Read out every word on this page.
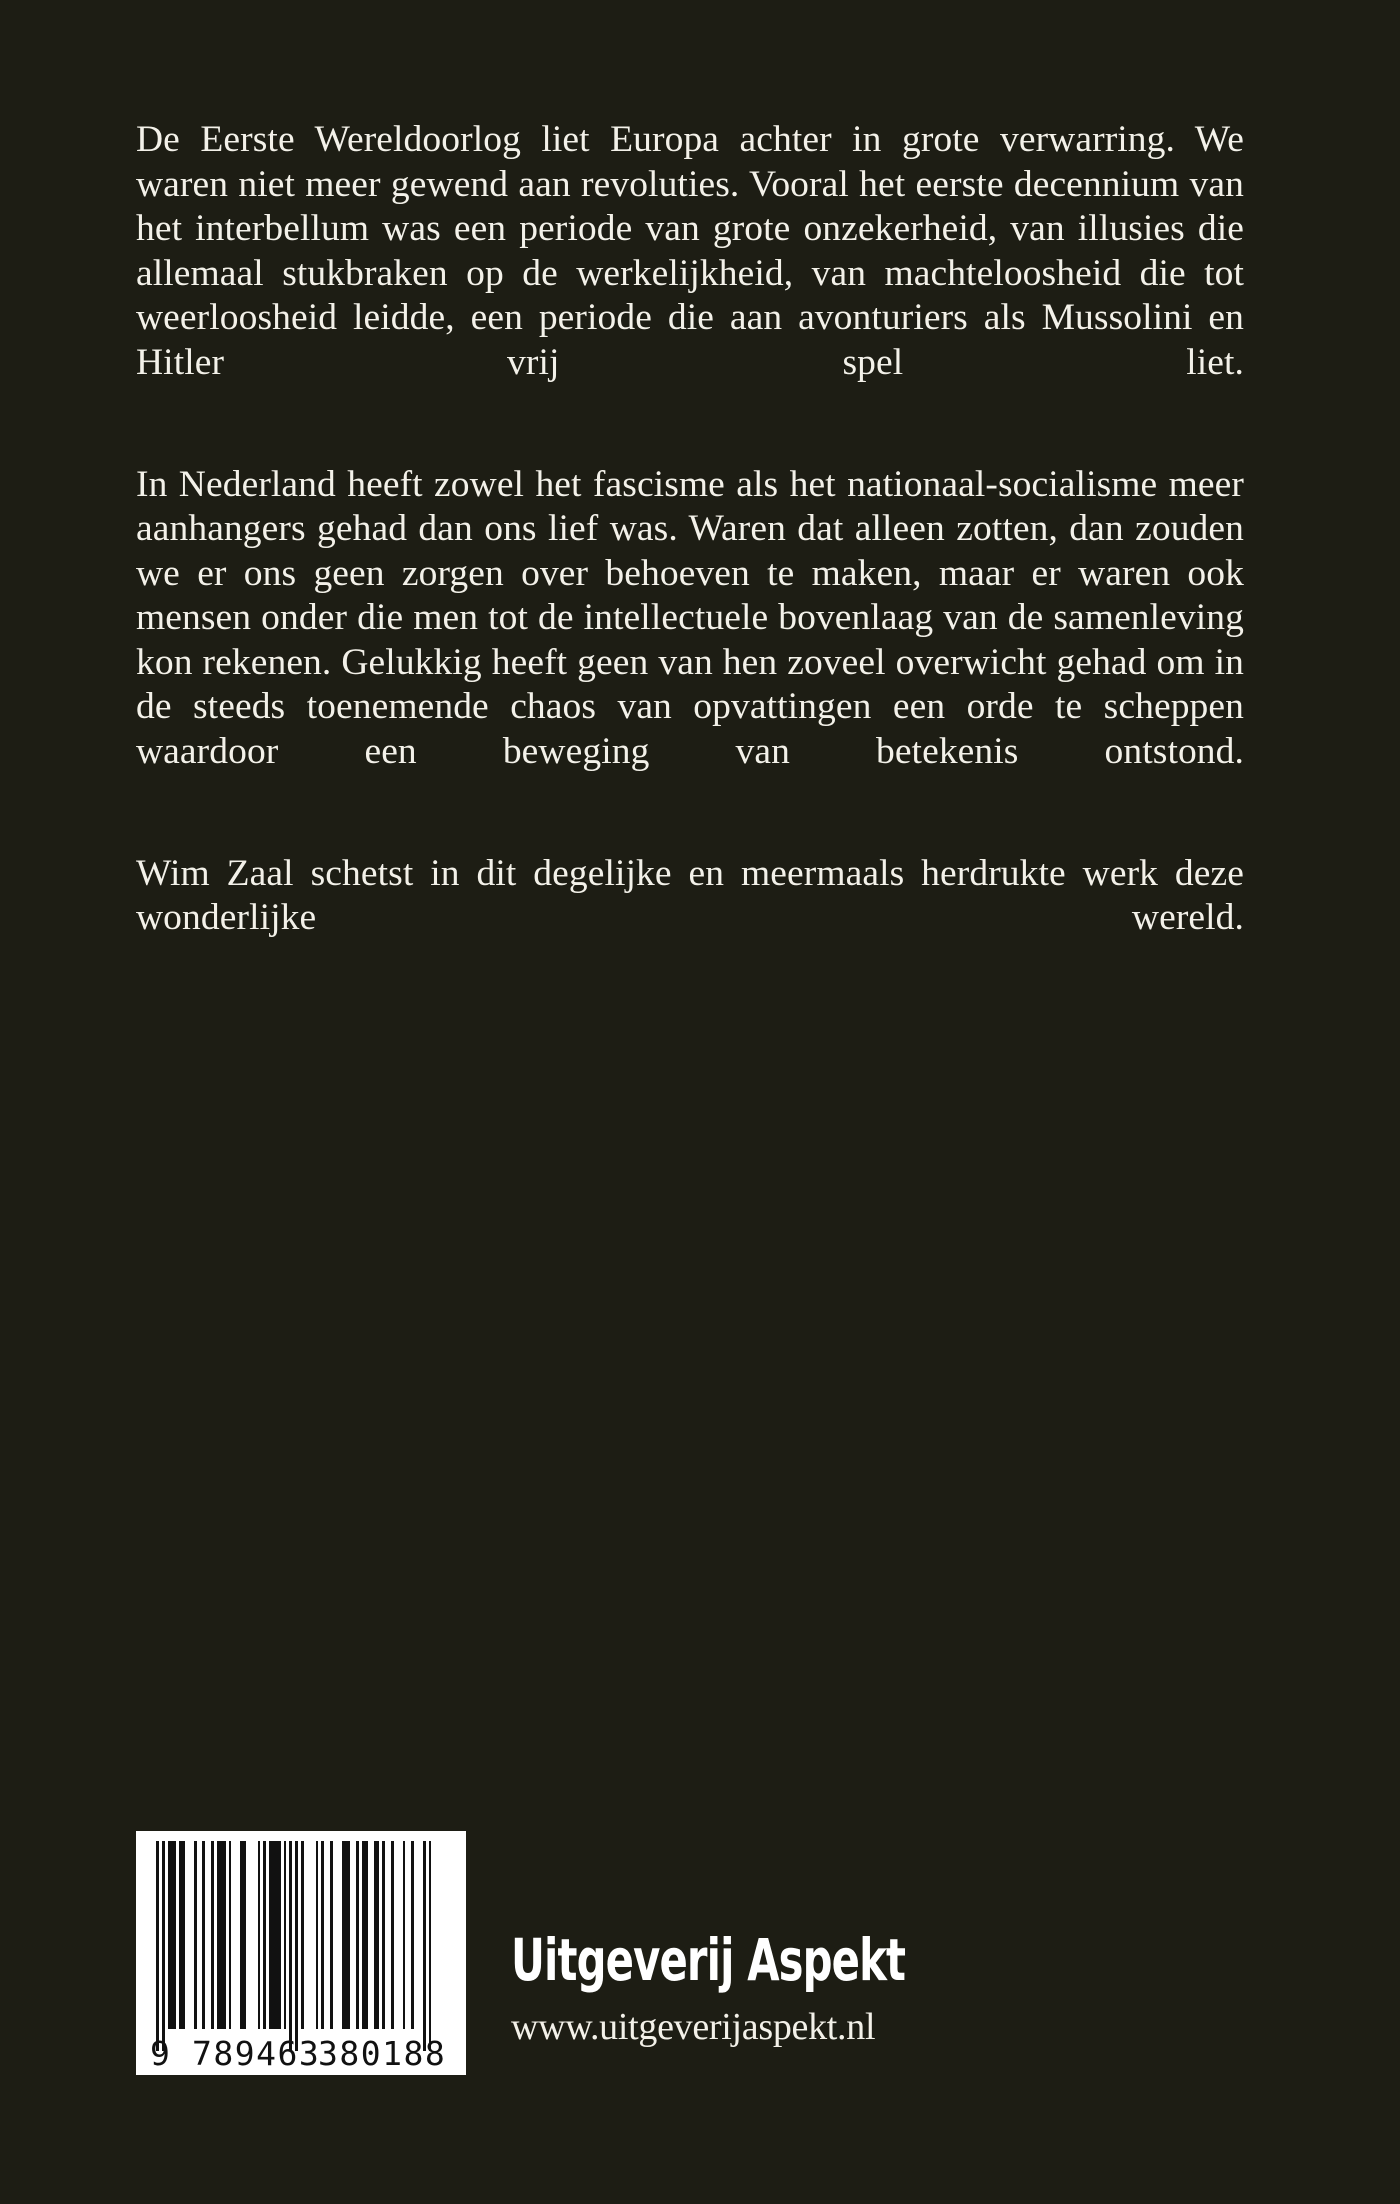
De Eerste Wereldoorlog liet Europa achter in grote verwarring. We waren niet meer gewend aan revoluties. Vooral het eerste decennium van het interbellum was een periode van grote onzekerheid, van illusies die allemaal stukbraken op de werkelijkheid, van machteloosheid die tot weerloosheid leidde, een periode die aan avonturiers als Mussolini en Hitler vrij spel liet.

In Nederland heeft zowel het fascisme als het nationaal-socialisme meer aanhangers gehad dan ons lief was. Waren dat alleen zotten, dan zouden we er ons geen zorgen over behoeven te maken, maar er waren ook mensen onder die men tot de intellectuele bovenlaag van de samenleving kon rekenen. Gelukkig heeft geen van hen zoveel overwicht gehad om in de steeds toenemende chaos van opvattingen een orde te scheppen waardoor een beweging van betekenis ontstond.

Wim Zaal schetst in dit degelijke en meermaals herdrukte werk deze wonderlijke wereld.

9 789463
380188
Uitgeverij Aspekt
www.uitgeverijaspekt.nl
